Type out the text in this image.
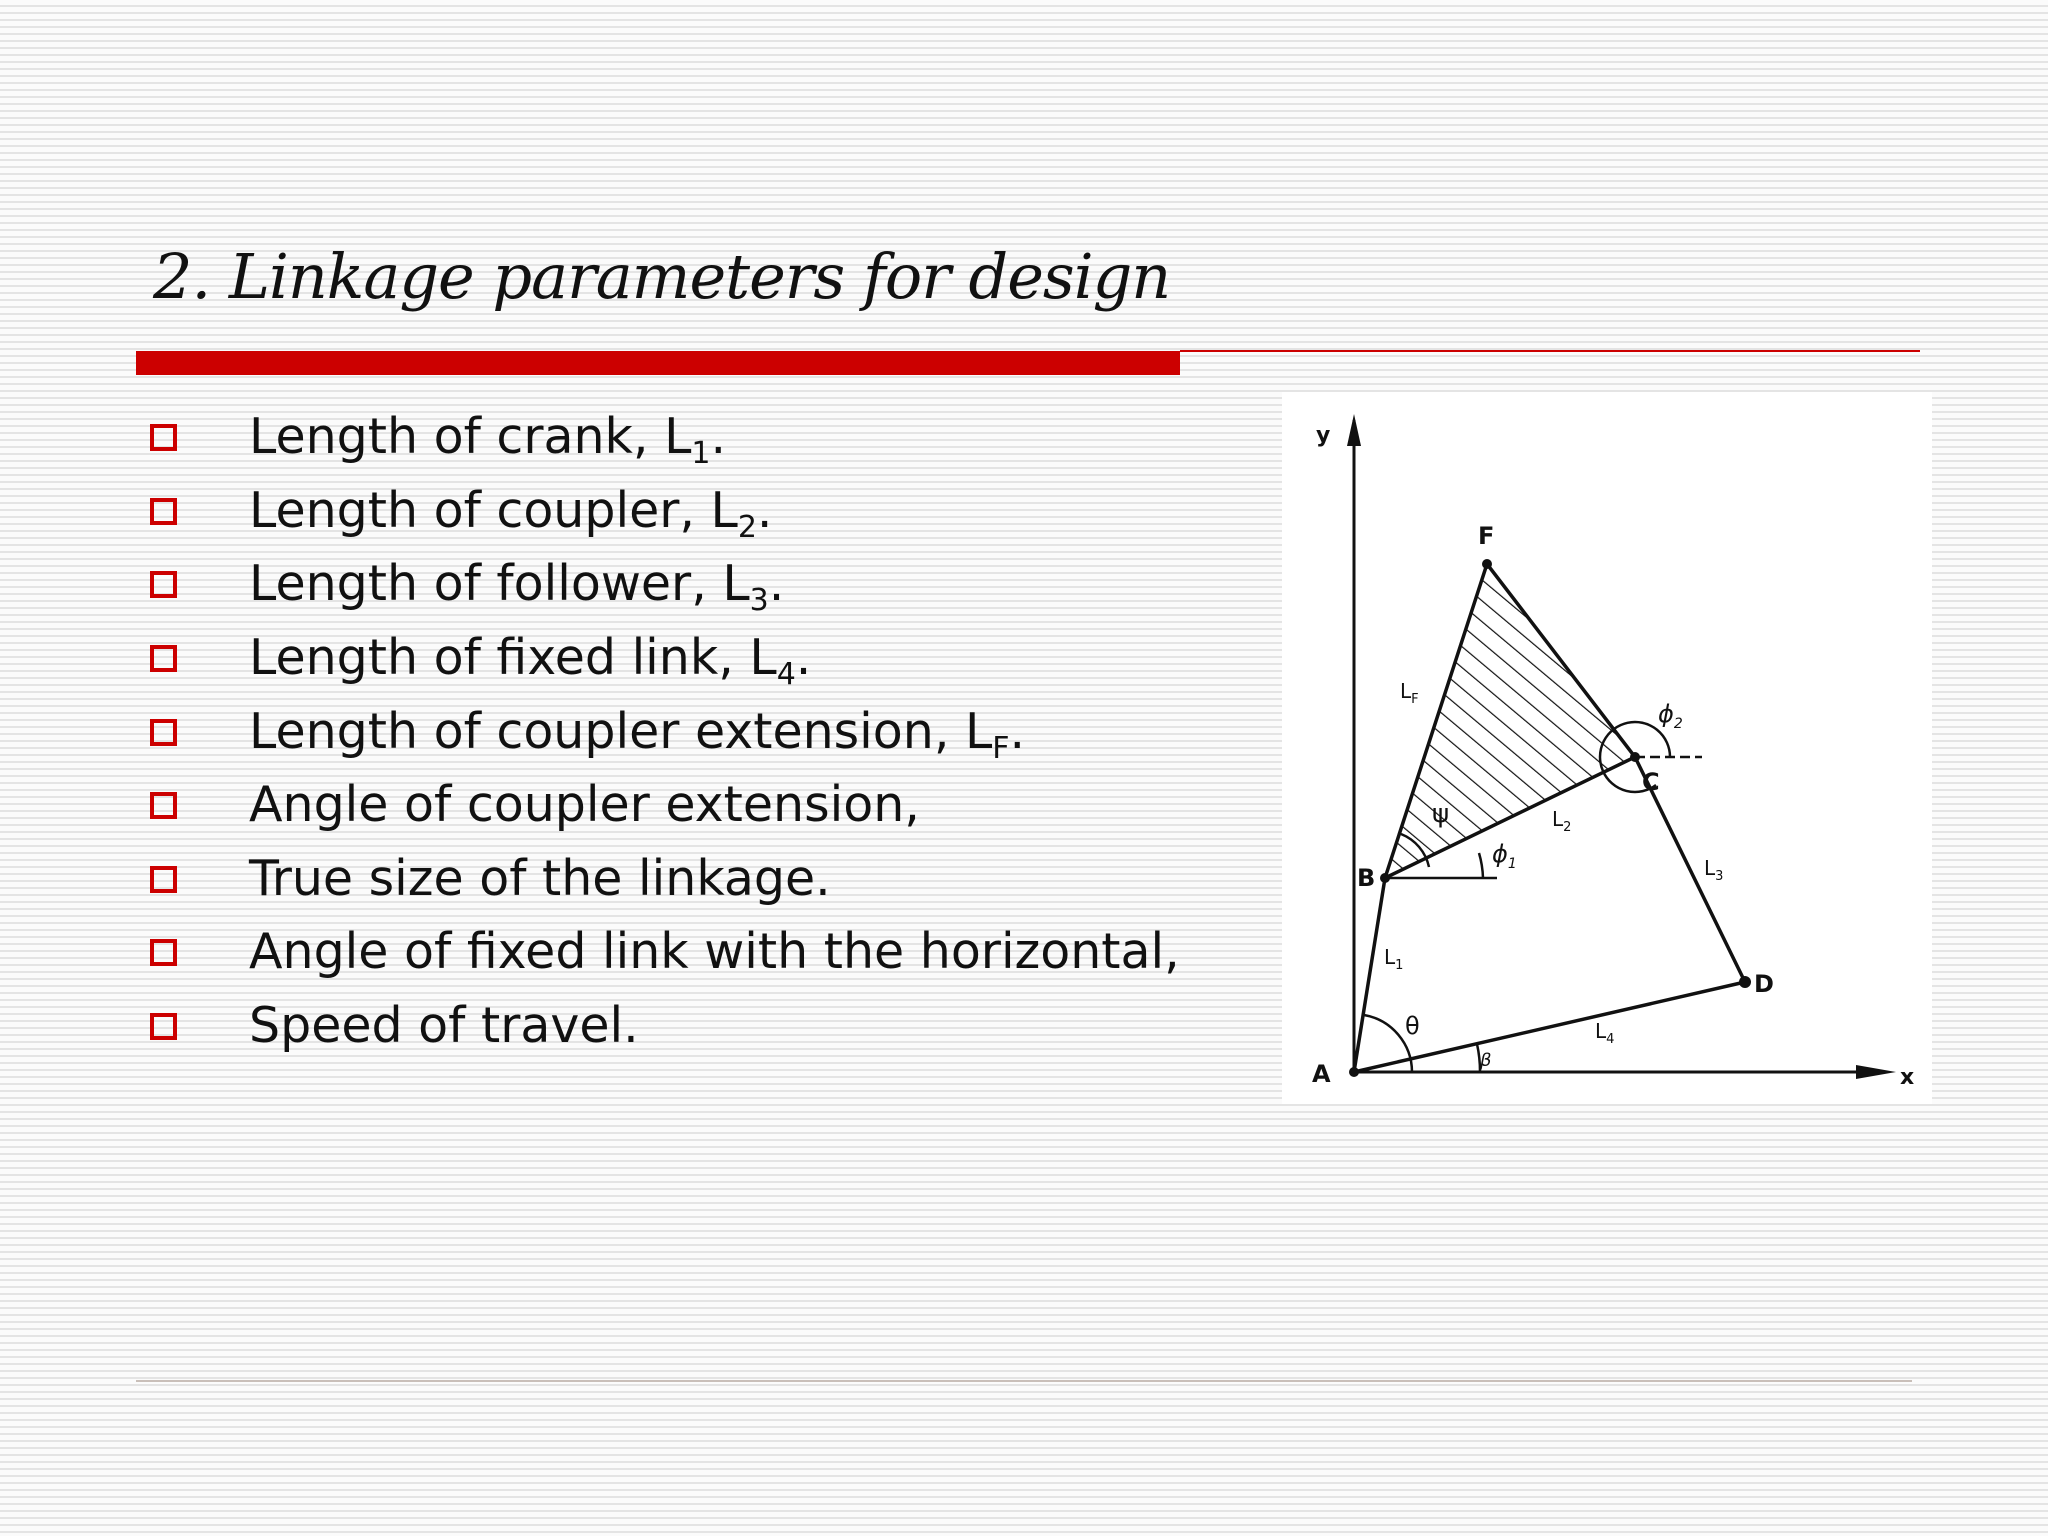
2. Linkage parameters for design
Length of crank, $L_1$.
Length of coupler, $L_2$.
Length of follower, $L_3$.
Length of fixed link, $L_4$.
Length of coupler extension, $L_F$.
Angle of coupler extension,
True size of the linkage.
Angle of fixed link with the horizontal,
Speed of travel.
y
x
A
B
C
D
F
$L_1$
$L_2$
$L_3$
$L_4$
$L_F$
θ
β
ψ
$\phi_1$
$\phi_2$
